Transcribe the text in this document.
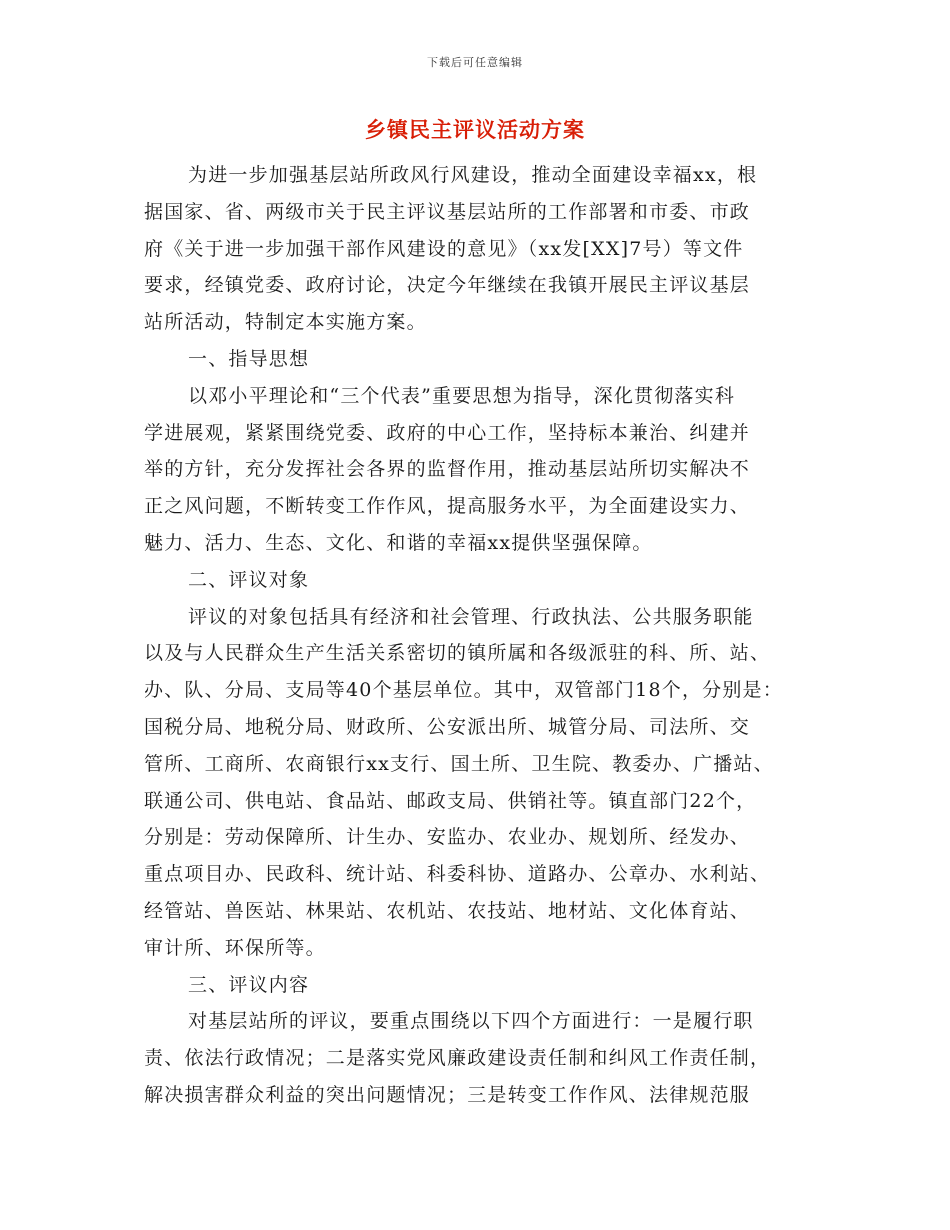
下载后可任意编辑
乡镇民主评议活动方案
为进一步加强基层站所政风行风建设，推动全面建设幸福xx，根
据国家、省、两级市关于民主评议基层站所的工作部署和市委、市政
府《关于进一步加强干部作风建设的意见》（xx发[XX]7号）等文件
要求，经镇党委、政府讨论，决定今年继续在我镇开展民主评议基层
站所活动，特制定本实施方案。
一、指导思想
以邓小平理论和“三个代表”重要思想为指导，深化贯彻落实科
学进展观，紧紧围绕党委、政府的中心工作，坚持标本兼治、纠建并
举的方针，充分发挥社会各界的监督作用，推动基层站所切实解决不
正之风问题，不断转变工作作风，提高服务水平，为全面建设实力、
魅力、活力、生态、文化、和谐的幸福xx提供坚强保障。
二、评议对象
评议的对象包括具有经济和社会管理、行政执法、公共服务职能
以及与人民群众生产生活关系密切的镇所属和各级派驻的科、所、站、
办、队、分局、支局等40个基层单位。其中，双管部门18个，分别是：
国税分局、地税分局、财政所、公安派出所、城管分局、司法所、交
管所、工商所、农商银行xx支行、国土所、卫生院、教委办、广播站、
联通公司、供电站、食品站、邮政支局、供销社等。镇直部门22个，
分别是：劳动保障所、计生办、安监办、农业办、规划所、经发办、
重点项目办、民政科、统计站、科委科协、道路办、公章办、水利站、
经管站、兽医站、林果站、农机站、农技站、地材站、文化体育站、
审计所、环保所等。
三、评议内容
对基层站所的评议，要重点围绕以下四个方面进行：一是履行职
责、依法行政情况；二是落实党风廉政建设责任制和纠风工作责任制，
解决损害群众利益的突出问题情况；三是转变工作作风、法律规范服
